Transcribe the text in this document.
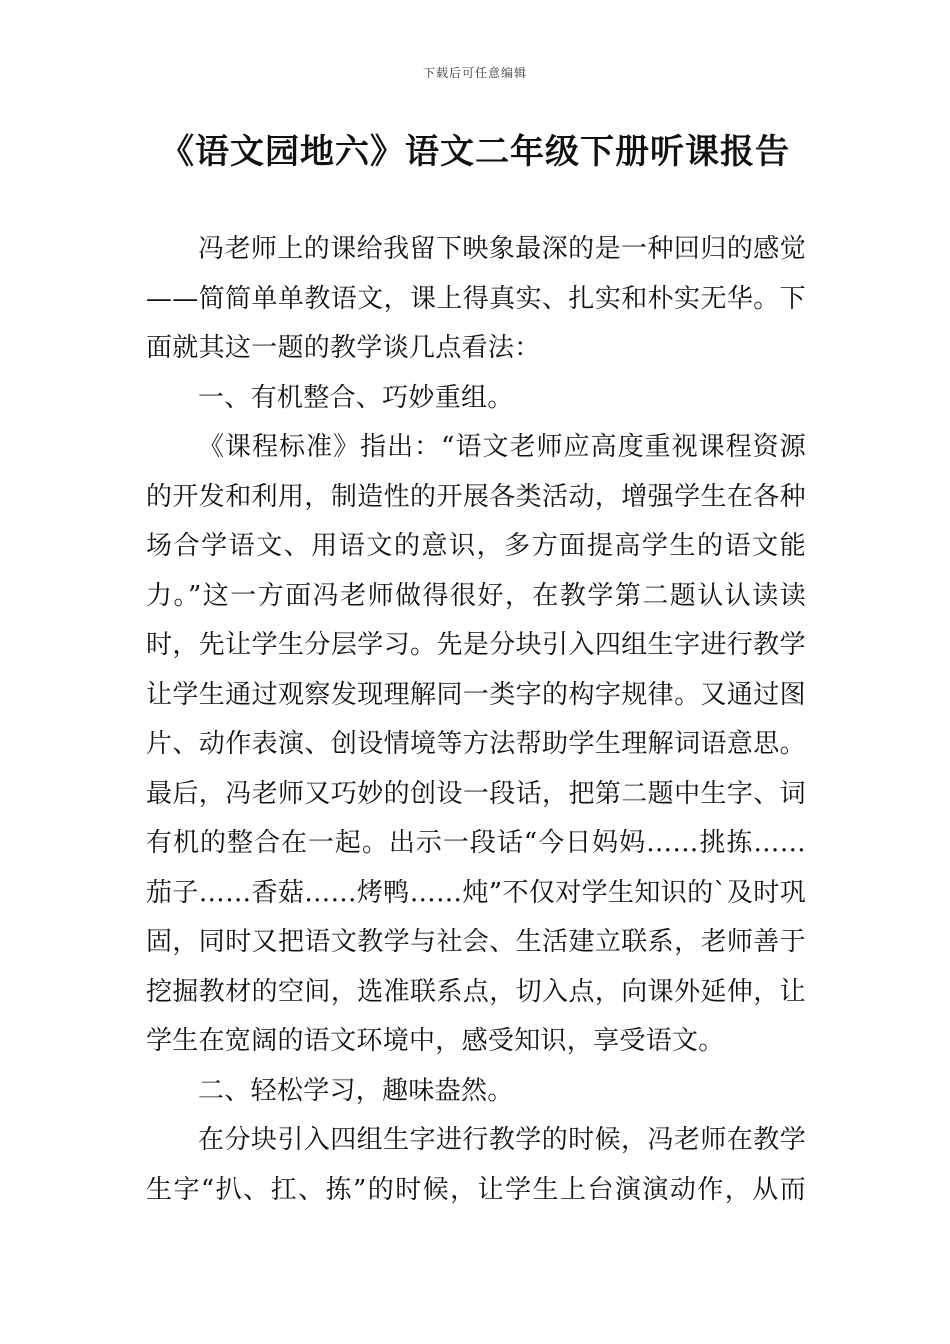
下载后可任意编辑
《语文园地六》语文二年级下册听课报告
冯老师上的课给我留下映象最深的是一种回归的感觉
——简简单单教语文，课上得真实、扎实和朴实无华。下
面就其这一题的教学谈几点看法：
一、有机整合、巧妙重组。
《课程标准》指出：“语文老师应高度重视课程资源
的开发和利用，制造性的开展各类活动，增强学生在各种
场合学语文、用语文的意识，多方面提高学生的语文能
力。”这一方面冯老师做得很好，在教学第二题认认读读
时，先让学生分层学习。先是分块引入四组生字进行教学
让学生通过观察发现理解同一类字的构字规律。又通过图
片、动作表演、创设情境等方法帮助学生理解词语意思。
最后，冯老师又巧妙的创设一段话，把第二题中生字、词
有机的整合在一起。出示一段话“今日妈妈……挑拣……
茄子……香菇……烤鸭……炖”不仅对学生知识的`及时巩
固，同时又把语文教学与社会、生活建立联系，老师善于
挖掘教材的空间，选准联系点，切入点，向课外延伸，让
学生在宽阔的语文环境中，感受知识，享受语文。
二、轻松学习，趣味盎然。
在分块引入四组生字进行教学的时候，冯老师在教学
生字“扒、扛、拣”的时候，让学生上台演演动作，从而
